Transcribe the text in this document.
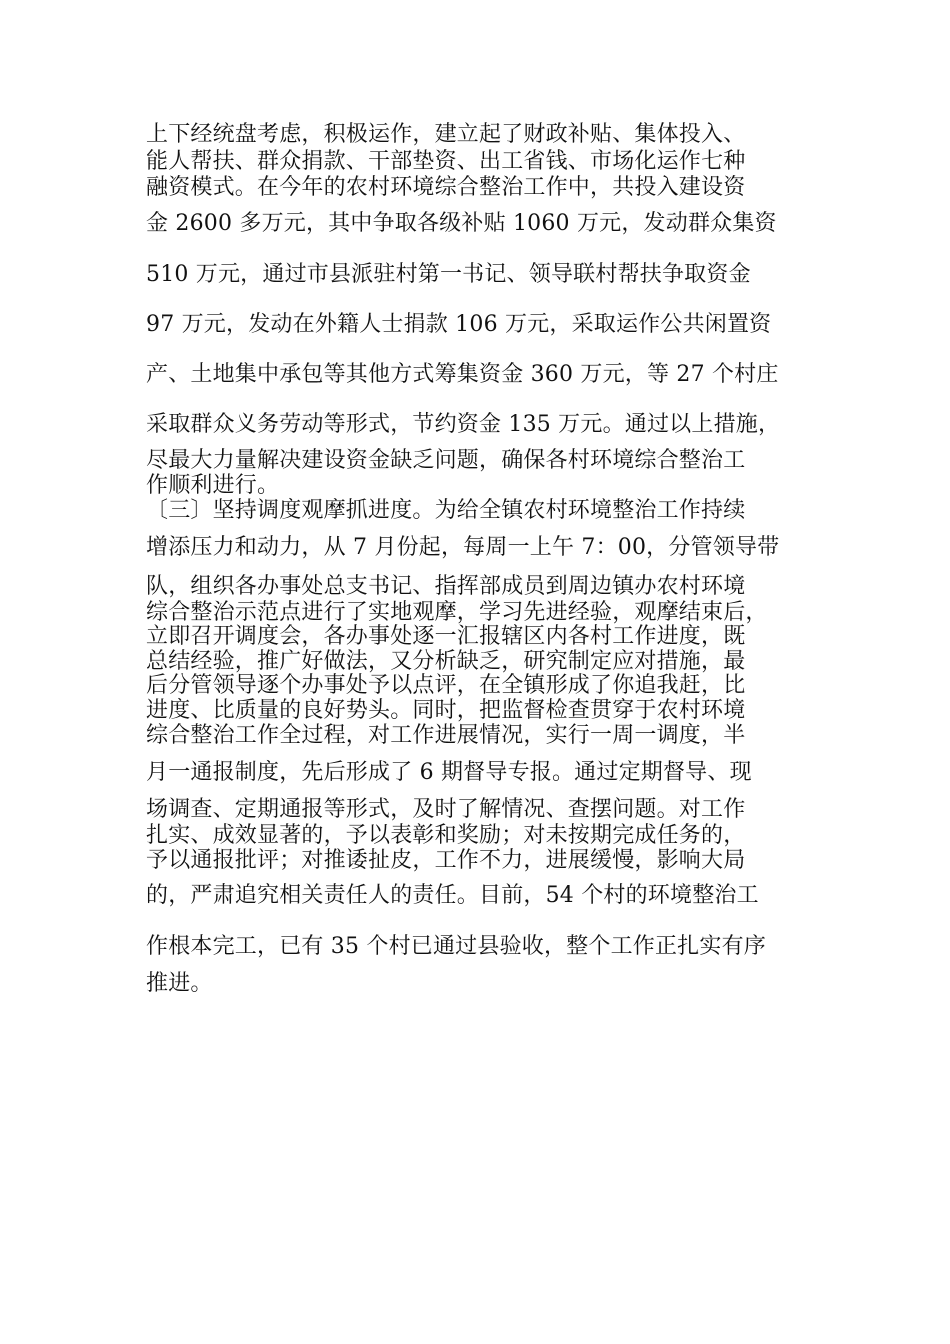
上下经统盘考虑，积极运作，建立起了财政补贴、集体投入、
能人帮扶、群众捐款、干部垫资、出工省钱、市场化运作七种
融资模式。在今年的农村环境综合整治工作中，共投入建设资
金 2600 多万元，其中争取各级补贴 1060 万元，发动群众集资
510 万元，通过市县派驻村第一书记、领导联村帮扶争取资金
97 万元，发动在外籍人士捐款 106 万元，采取运作公共闲置资
产、土地集中承包等其他方式筹集资金 360 万元，等 27 个村庄
采取群众义务劳动等形式，节约资金 135 万元。通过以上措施，
尽最大力量解决建设资金缺乏问题，确保各村环境综合整治工
作顺利进行。
〔三〕坚持调度观摩抓进度。为给全镇农村环境整治工作持续
增添压力和动力，从 7 月份起，每周一上午 7：00，分管领导带
队，组织各办事处总支书记、指挥部成员到周边镇办农村环境
综合整治示范点进行了实地观摩，学习先进经验，观摩结束后，
立即召开调度会，各办事处逐一汇报辖区内各村工作进度，既
总结经验，推广好做法，又分析缺乏，研究制定应对措施，最
后分管领导逐个办事处予以点评，在全镇形成了你追我赶，比
进度、比质量的良好势头。同时，把监督检查贯穿于农村环境
综合整治工作全过程，对工作进展情况，实行一周一调度，半
月一通报制度，先后形成了 6 期督导专报。通过定期督导、现
场调查、定期通报等形式，及时了解情况、查摆问题。对工作
扎实、成效显著的，予以表彰和奖励；对未按期完成任务的，
予以通报批评；对推诿扯皮，工作不力，进展缓慢，影响大局
的，严肃追究相关责任人的责任。目前，54 个村的环境整治工
作根本完工，已有 35 个村已通过县验收，整个工作正扎实有序
推进。
